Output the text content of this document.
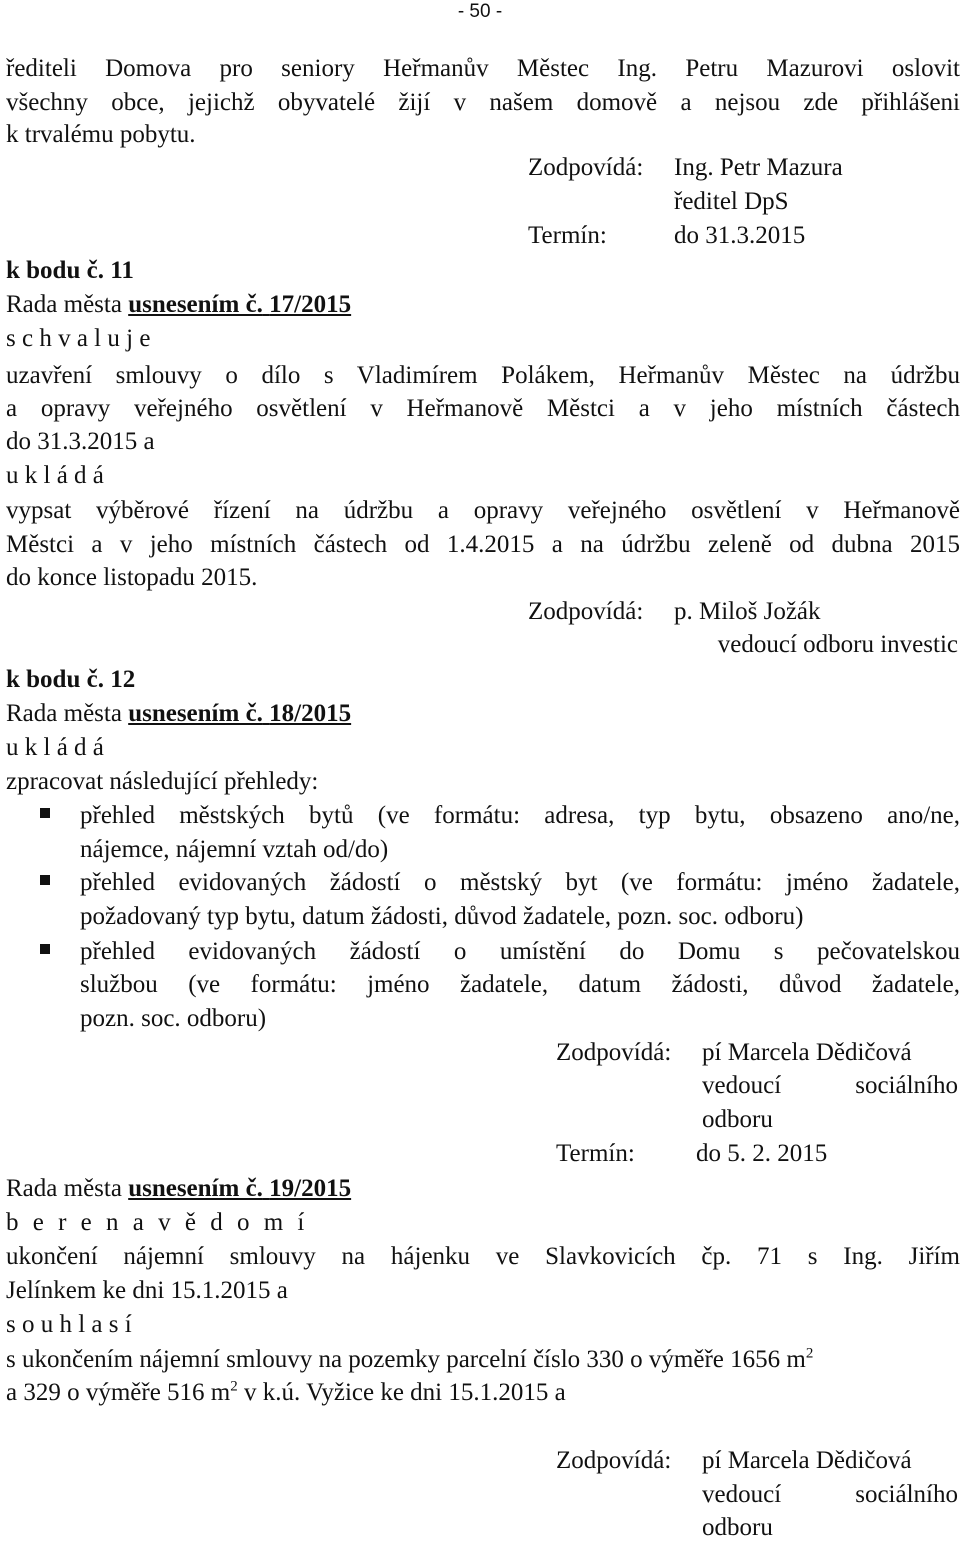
- 50 -

řediteli Domova pro seniory Heřmanův Městec Ing. Petru Mazurovi oslovit

všechny obce, jejichž obyvatelé žijí v našem domově a nejsou zde přihlášeni

k trvalému pobytu.

Zodpovídá: Ing. Petr Mazura
ředitel DpS
Termín:	do 31.3.2015

k bodu č. 11

Rada města usnesením č. 17/2015

s c h v a l u j e

uzavření smlouvy o dílo s Vladimírem Polákem, Heřmanův Městec na údržbu

a opravy veřejného osvětlení v Heřmanově Městci a v jeho místních částech

do 31.3.2015 a

u k l á d á

vypsat výběrové řízení na údržbu a opravy veřejného osvětlení v Heřmanově

Městci a v jeho místních částech od 1.4.2015 a na údržbu zeleně od dubna 2015

do konce listopadu 2015.

Zodpovídá: p. Miloš Jožák
vedoucí odboru investic

k bodu č. 12

Rada města usnesením č. 18/2015

u k l á d á

zpracovat následující přehledy:

přehled městských bytů (ve formátu: adresa, typ bytu, obsazeno ano/ne,

nájemce, nájemní vztah od/do)

přehled evidovaných žádostí o městský byt (ve formátu: jméno žadatele,

požadovaný typ bytu, datum žádosti, důvod žadatele, pozn. soc. odboru)

přehled evidovaných žádostí o umístění do Domu s pečovatelskou

službou (ve formátu: jméno žadatele, datum žádosti, důvod žadatele,

pozn. soc. odboru)

Zodpovídá: pí Marcela Dědičová
vedoucí sociálního
odboru
Termín: do 5. 2. 2015

Rada města usnesením č. 19/2015

b e r e n a v ě d o m í

ukončení nájemní smlouvy na hájenku ve Slavkovicích čp. 71 s Ing. Jiřím

Jelínkem ke dni 15.1.2015 a

s o u h l a s í

s ukončením nájemní smlouvy na pozemky parcelní číslo 330 o výměře 1656 $m^2$

a 329 o výměře 516 $m^2$ v k.ú. Vyžice ke dni 15.1.2015 a

Zodpovídá: pí Marcela Dědičová
vedoucí sociálního
odboru
